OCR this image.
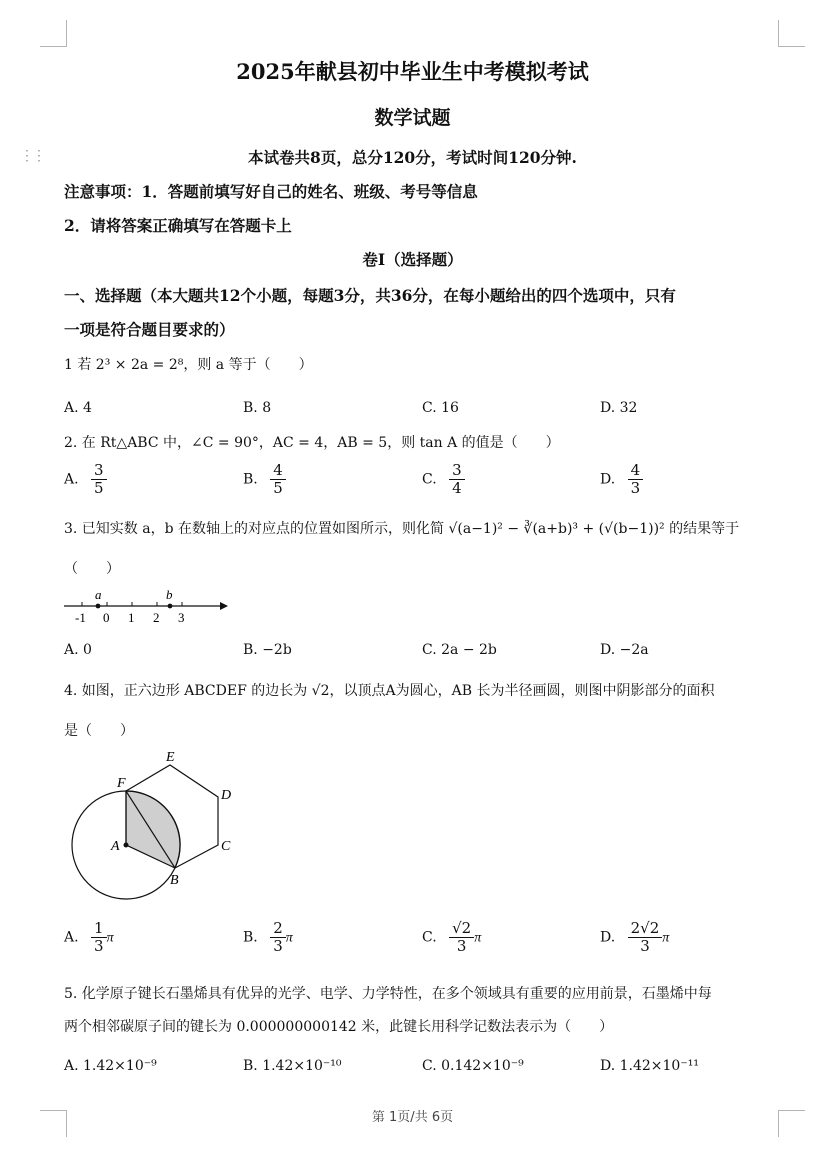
⋮⋮
2025年献县初中毕业生中考模拟考试
数学试题
本试卷共8页，总分120分，考试时间120分钟.
注意事项：1．答题前填写好自己的姓名、班级、考号等信息
2．请将答案正确填写在答题卡上
卷Ⅰ（选择题）
一、选择题（本大题共12个小题，每题3分，共36分，在每小题给出的四个选项中，只有
一项是符合题目要求的）
1 若 2³ × 2a = 2⁸，则 a 等于（　　）
A. 4	B. 8	C. 16	D. 32
2. 在 Rt△ABC 中，∠C = 90°，AC = 4，AB = 5，则 tan A 的值是（　　）
A. $\frac{3}{5}$	B. $\frac{4}{5}$	C. $\frac{3}{4}$	D. $\frac{4}{3}$
3. 已知实数 a，b 在数轴上的对应点的位置如图所示，则化简 √(a−1)² − ∛(a+b)³ + (√(b−1))² 的结果等于
（　　）
-1 0 1 2 3
a	b
A. 0	B. −2b	C. 2a − 2b	D. −2a
4. 如图，正六边形 ABCDEF 的边长为 √2，以顶点A为圆心，AB 长为半径画圆，则图中阴影部分的面积
是（　　）
A
B
C
D
E
F
A. $\frac{1}{3}$ π	B. $\frac{2}{3}$ π	C. $\frac{√2}{3}$ π	D. $\frac{2√2}{3}$ π
5. 化学原子键长石墨烯具有优异的光学、电学、力学特性，在多个领域具有重要的应用前景，石墨烯中每
两个相邻碳原子间的键长为 0.000000000142 米，此键长用科学记数法表示为（　　）
A. 1.42×10⁻⁹	B. 1.42×10⁻¹⁰	C. 0.142×10⁻⁹	D. 1.42×10⁻¹¹
第 1页/共 6页
